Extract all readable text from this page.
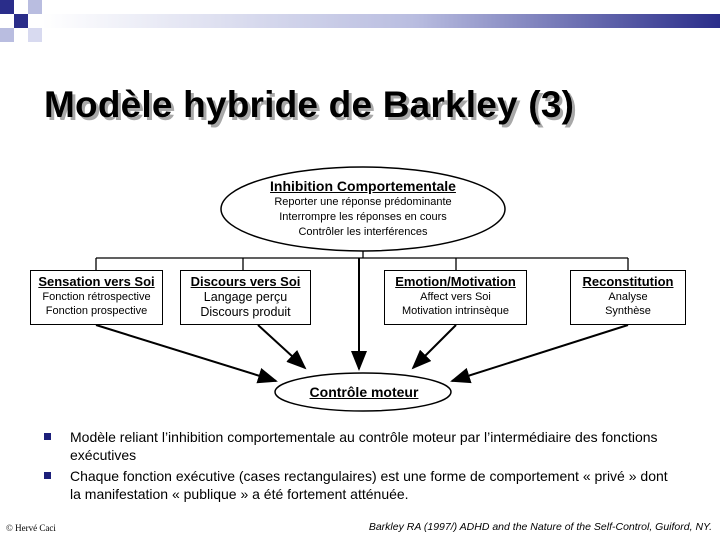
Modèle hybride de Barkley (3)
Inhibition Comportementale
Reporter une réponse prédominante
Interrompre les réponses en cours
Contrôler les interférences
Sensation vers Soi
Fonction rétrospective
Fonction prospective
Discours vers Soi
Langage perçu
Discours produit
Emotion/Motivation
Affect vers Soi
Motivation intrinsèque
Reconstitution
Analyse
Synthèse
Contrôle moteur
Modèle reliant l’inhibition comportementale au contrôle moteur par l’intermédiaire des fonctions exécutives
Chaque fonction exécutive (cases rectangulaires) est une forme de comportement « privé » dont la manifestation « publique » a été fortement atténuée.
© Hervé Caci	Barkley RA (1997/) ADHD and the Nature of the Self-Control, Guiford, NY.
